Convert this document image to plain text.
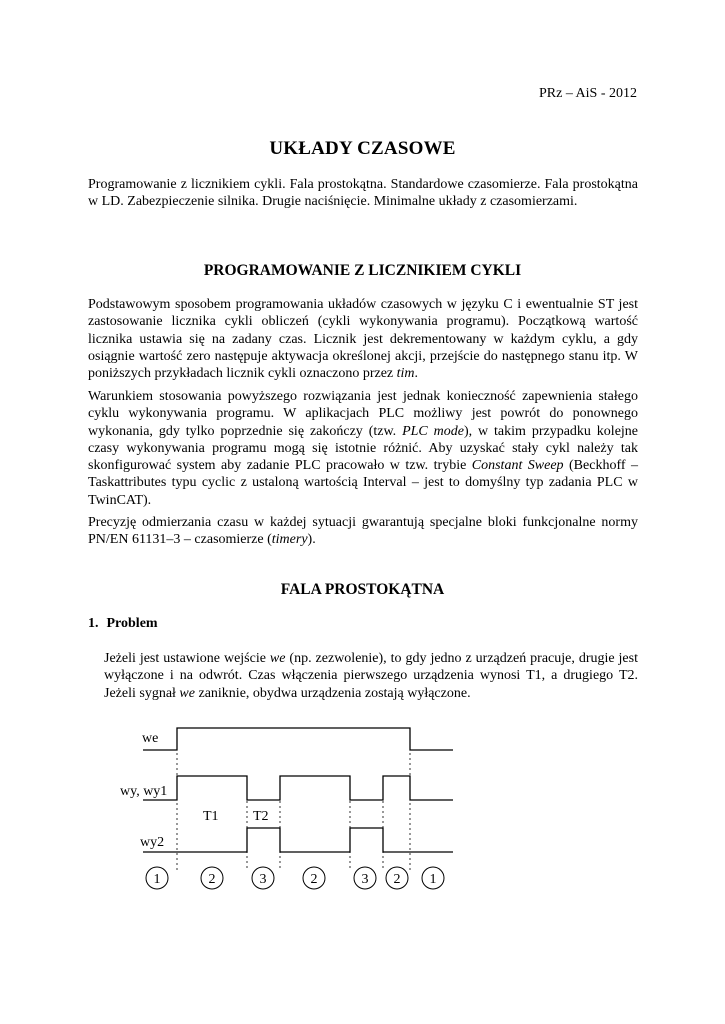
PRz – AiS - 2012
UKŁADY CZASOWE

Programowanie z licznikiem cykli. Fala prostokątna. Standardowe czasomierze. Fala prostokątna w LD. Zabezpieczenie silnika. Drugie naciśnięcie. Minimalne układy z czasomierzami.

PROGRAMOWANIE Z LICZNIKIEM CYKLI

Podstawowym sposobem programowania układów czasowych w języku C i ewentualnie ST jest zastosowanie licznika cykli obliczeń (cykli wykonywania programu). Początkową wartość licznika ustawia się na zadany czas. Licznik jest dekrementowany w każdym cyklu, a gdy osiągnie wartość zero następuje aktywacja określonej akcji, przejście do następnego stanu itp. W poniższych przykładach licznik cykli oznaczono przez tim.

Warunkiem stosowania powyższego rozwiązania jest jednak konieczność zapewnienia stałego cyklu wykonywania programu. W aplikacjach PLC możliwy jest powrót do ponownego wykonania, gdy tylko poprzednie się zakończy (tzw. PLC mode), w takim przypadku kolejne czasy wykonywania programu mogą się istotnie różnić. Aby uzyskać stały cykl należy tak skonfigurować system aby zadanie PLC pracowało w tzw. trybie Constant Sweep (Beckhoff – Taskattributes typu cyclic z ustaloną wartością Interval – jest to domyślny typ zadania PLC w TwinCAT).

Precyzję odmierzania czasu w każdej sytuacji gwarantują specjalne bloki funkcjonalne normy PN/EN 61131–3 – czasomierze (timery).

FALA PROSTOKĄTNA
1. Problem

Jeżeli jest ustawione wejście we (np. zezwolenie), to gdy jedno z urządzeń pracuje, drugie jest wyłączone i na odwrót. Czas włączenia pierwszego urządzenia wynosi T1, a drugiego T2. Jeżeli sygnał we zaniknie, obydwa urządzenia zostają wyłączone.

we
wy, wy1
wy2
T1 T2
1	2	3	2	3 2 1
